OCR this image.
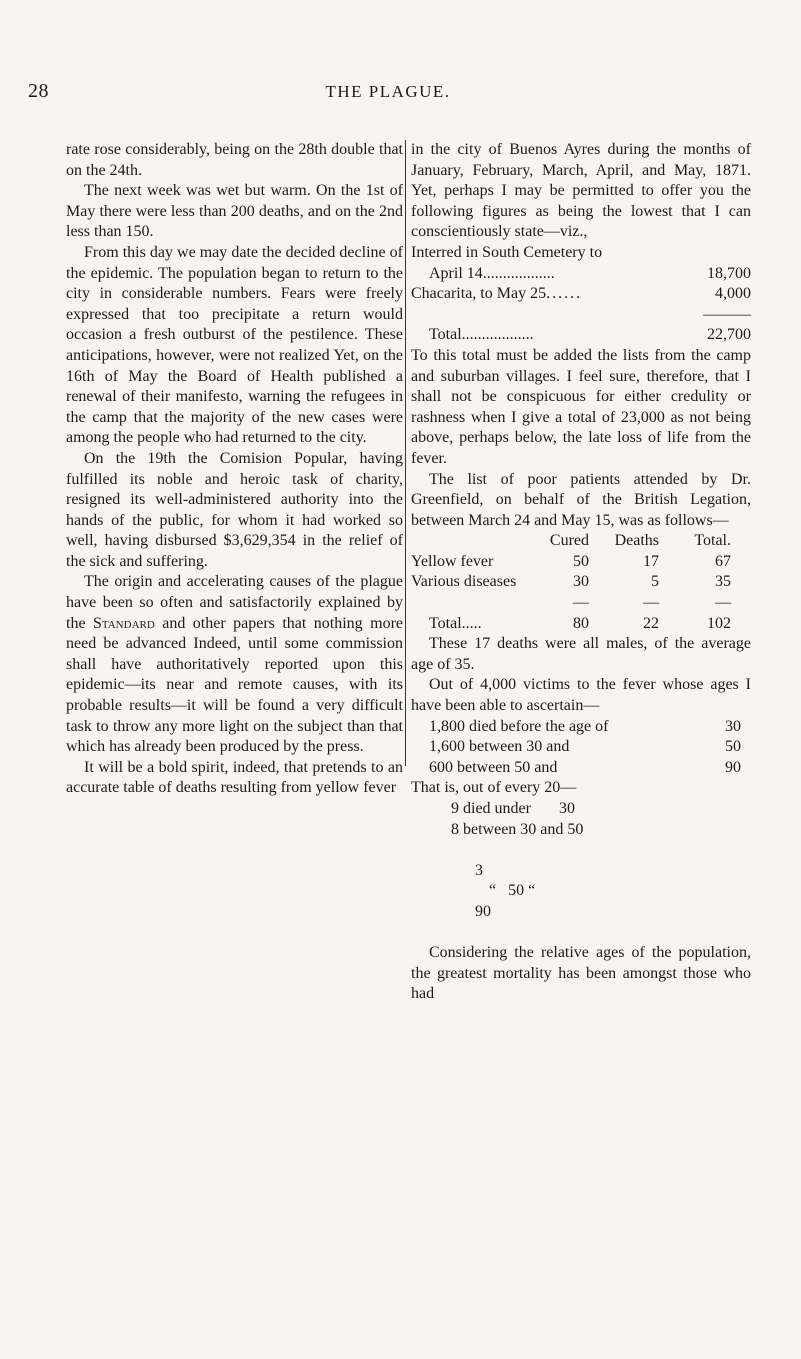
28	THE PLAGUE.

rate rose considerably, being on the 28th double that on the 24th.

The next week was wet but warm. On the 1st of May there were less than 200 deaths, and on the 2nd less than 150.

From this day we may date the decided decline of the epidemic. The population began to return to the city in considerable numbers. Fears were freely expressed that too precipitate a return would occasion a fresh outburst of the pestilence. These anticipations, however, were not realized Yet, on the 16th of May the Board of Health published a renewal of their manifesto, warning the refugees in the camp that the majority of the new cases were among the people who had returned to the city.

On the 19th the Comision Popular, having fulfilled its noble and heroic task of charity, resigned its well-administered authority into the hands of the public, for whom it had worked so well, having disbursed $3,629,354 in the relief of the sick and suffering.

The origin and accelerating causes of the plague have been so often and satisfactorily explained by the Standard and other papers that nothing more need be advanced Indeed, until some commission shall have authoritatively reported upon this epidemic—its near and remote causes, with its probable results—it will be found a very difficult task to throw any more light on the subject than that which has already been produced by the press.

It will be a bold spirit, indeed, that pretends to an accurate table of deaths resulting from yellow fever

in the city of Buenos Ayres during the months of January, February, March, April, and May, 1871. Yet, perhaps I may be permitted to offer you the following figures as being the lowest that I can conscientiously state—viz.,

Interred in South Cemetery to
April 14..................	18,700
Chacarita, to May 25......	4,000
———
Total..................	22,700

To this total must be added the lists from the camp and suburban villages. I feel sure, therefore, that I shall not be conspicuous for either credulity or rashness when I give a total of 23,000 as not being above, perhaps below, the late loss of life from the fever.

The list of poor patients attended by Dr. Greenfield, on behalf of the British Legation, between March 24 and May 15, was as follows—

Cured Deaths Total.
Yellow fever	50	17	67
Various diseases	30	5	35
—	—	—
Total.....	80	22	102

These 17 deaths were all males, of the average age of 35.

Out of 4,000 victims to the fever whose ages I have been able to ascertain—

1,800 died before the age of	30
1,600 between 30 and	50
600 between 50 and	90
That is, out of every 20—
9 died under 30
8 between 30 and 50

3
“   50 “
90

Considering the relative ages of the population, the greatest mortality has been amongst those who had
